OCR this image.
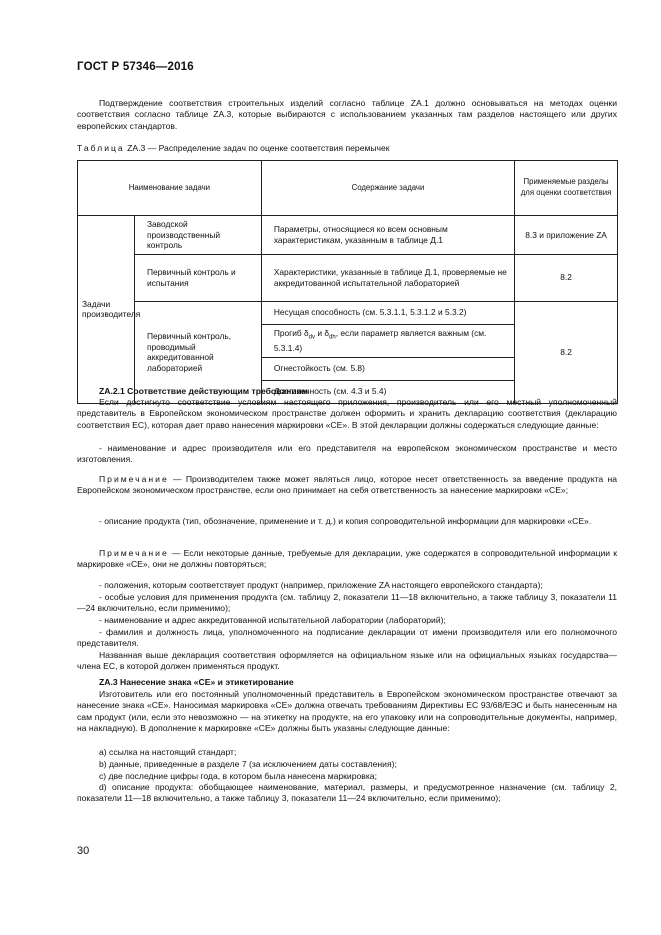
ГОСТ Р 57346—2016
Подтверждение соответствия строительных изделий согласно таблице ZA.1 должно основываться на методах оценки соответствия согласно таблице ZA.3, которые выбираются с использованием указанных там разделов настоящего или других европейских стандартов.
Таблица ZA.3 — Распределение задач по оценке соответствия перемычек
Наименование задачи		Содержание задачи	Применяемые разделы для оценки соответствия

Задачи производителя	Заводской производственный контроль	Параметры, относящиеся ко всем основным характеристикам, указанным в таблице Д.1	8.3 и приложение ZA
	Первичный контроль и испытания	Характеристики, указанные в таблице Д.1, проверяемые не аккредитованной испытательной лабораторией	8.2
	Первичный контроль, проводимый аккредитованной лабораторией	Несущая способность (см. 5.3.1.1, 5.3.1.2 и 5.3.2)	8.2
		Прогиб $\delta_{dv}$ и $\delta_{dh}$, если параметр является важным (см. 5.3.1.4)	
		Огнестойкость (см. 5.8)	
		Долговечность (см. 4.3 и 5.4)	
ZA.2.1 Соответствие действующим требованиям
Если достигнуто соответствие условиям настоящего приложения, производитель или его местный уполномоченный представитель в Европейском экономическом пространстве должен оформить и хранить декларацию соответствия (декларацию соответствия ЕС), которая дает право нанесения маркировки «CE». В этой декларации должны содержаться следующие данные:
- наименование и адрес производителя или его представителя на европейском экономическом пространстве и место изготовления.
Примечание — Производителем также может являться лицо, которое несет ответственность за введение продукта на Европейском экономическом пространстве, если оно принимает на себя ответственность за нанесение маркировки «CE»;
- описание продукта (тип, обозначение, применение и т. д.) и копия сопроводительной информации для маркировки «CE».
Примечание — Если некоторые данные, требуемые для декларации, уже содержатся в сопроводительной информации к маркировке «CE», они не должны повторяться;
- положения, которым соответствует продукт (например, приложение ZA настоящего европейского стандарта);
- особые условия для применения продукта (см. таблицу 2, показатели 11—18 включительно, а также таблицу 3, показатели 11—24 включительно, если применимо);
- наименование и адрес аккредитованной испытательной лаборатории (лабораторий);
- фамилия и должность лица, уполномоченного на подписание декларации от имени производителя или его полномочного представителя.
Названная выше декларация соответствия оформляется на официальном языке или на официальных языках государства—члена ЕС, в которой должен применяться продукт.
ZA.3 Нанесение знака «CE» и этикетирование
Изготовитель или его постоянный уполномоченный представитель в Европейском экономическом пространстве отвечают за нанесение знака «CE». Наносимая маркировка «CE» должна отвечать требованиям Директивы ЕС 93/68/ЕЭС и быть нанесенным на сам продукт (или, если это невозможно — на этикетку на продукте, на его упаковку или на сопроводительные документы, например, на накладную). В дополнение к маркировке «CE» должны быть указаны следующие данные:
а) ссылка на настоящий стандарт;
b) данные, приведенные в разделе 7 (за исключением даты составления);
c) две последние цифры года, в котором была нанесена маркировка;
d) описание продукта: обобщающее наименование, материал, размеры, и предусмотренное назначение (см. таблицу 2, показатели 11—18 включительно, а также таблицу 3, показатели 11—24 включительно, если применимо);
30
